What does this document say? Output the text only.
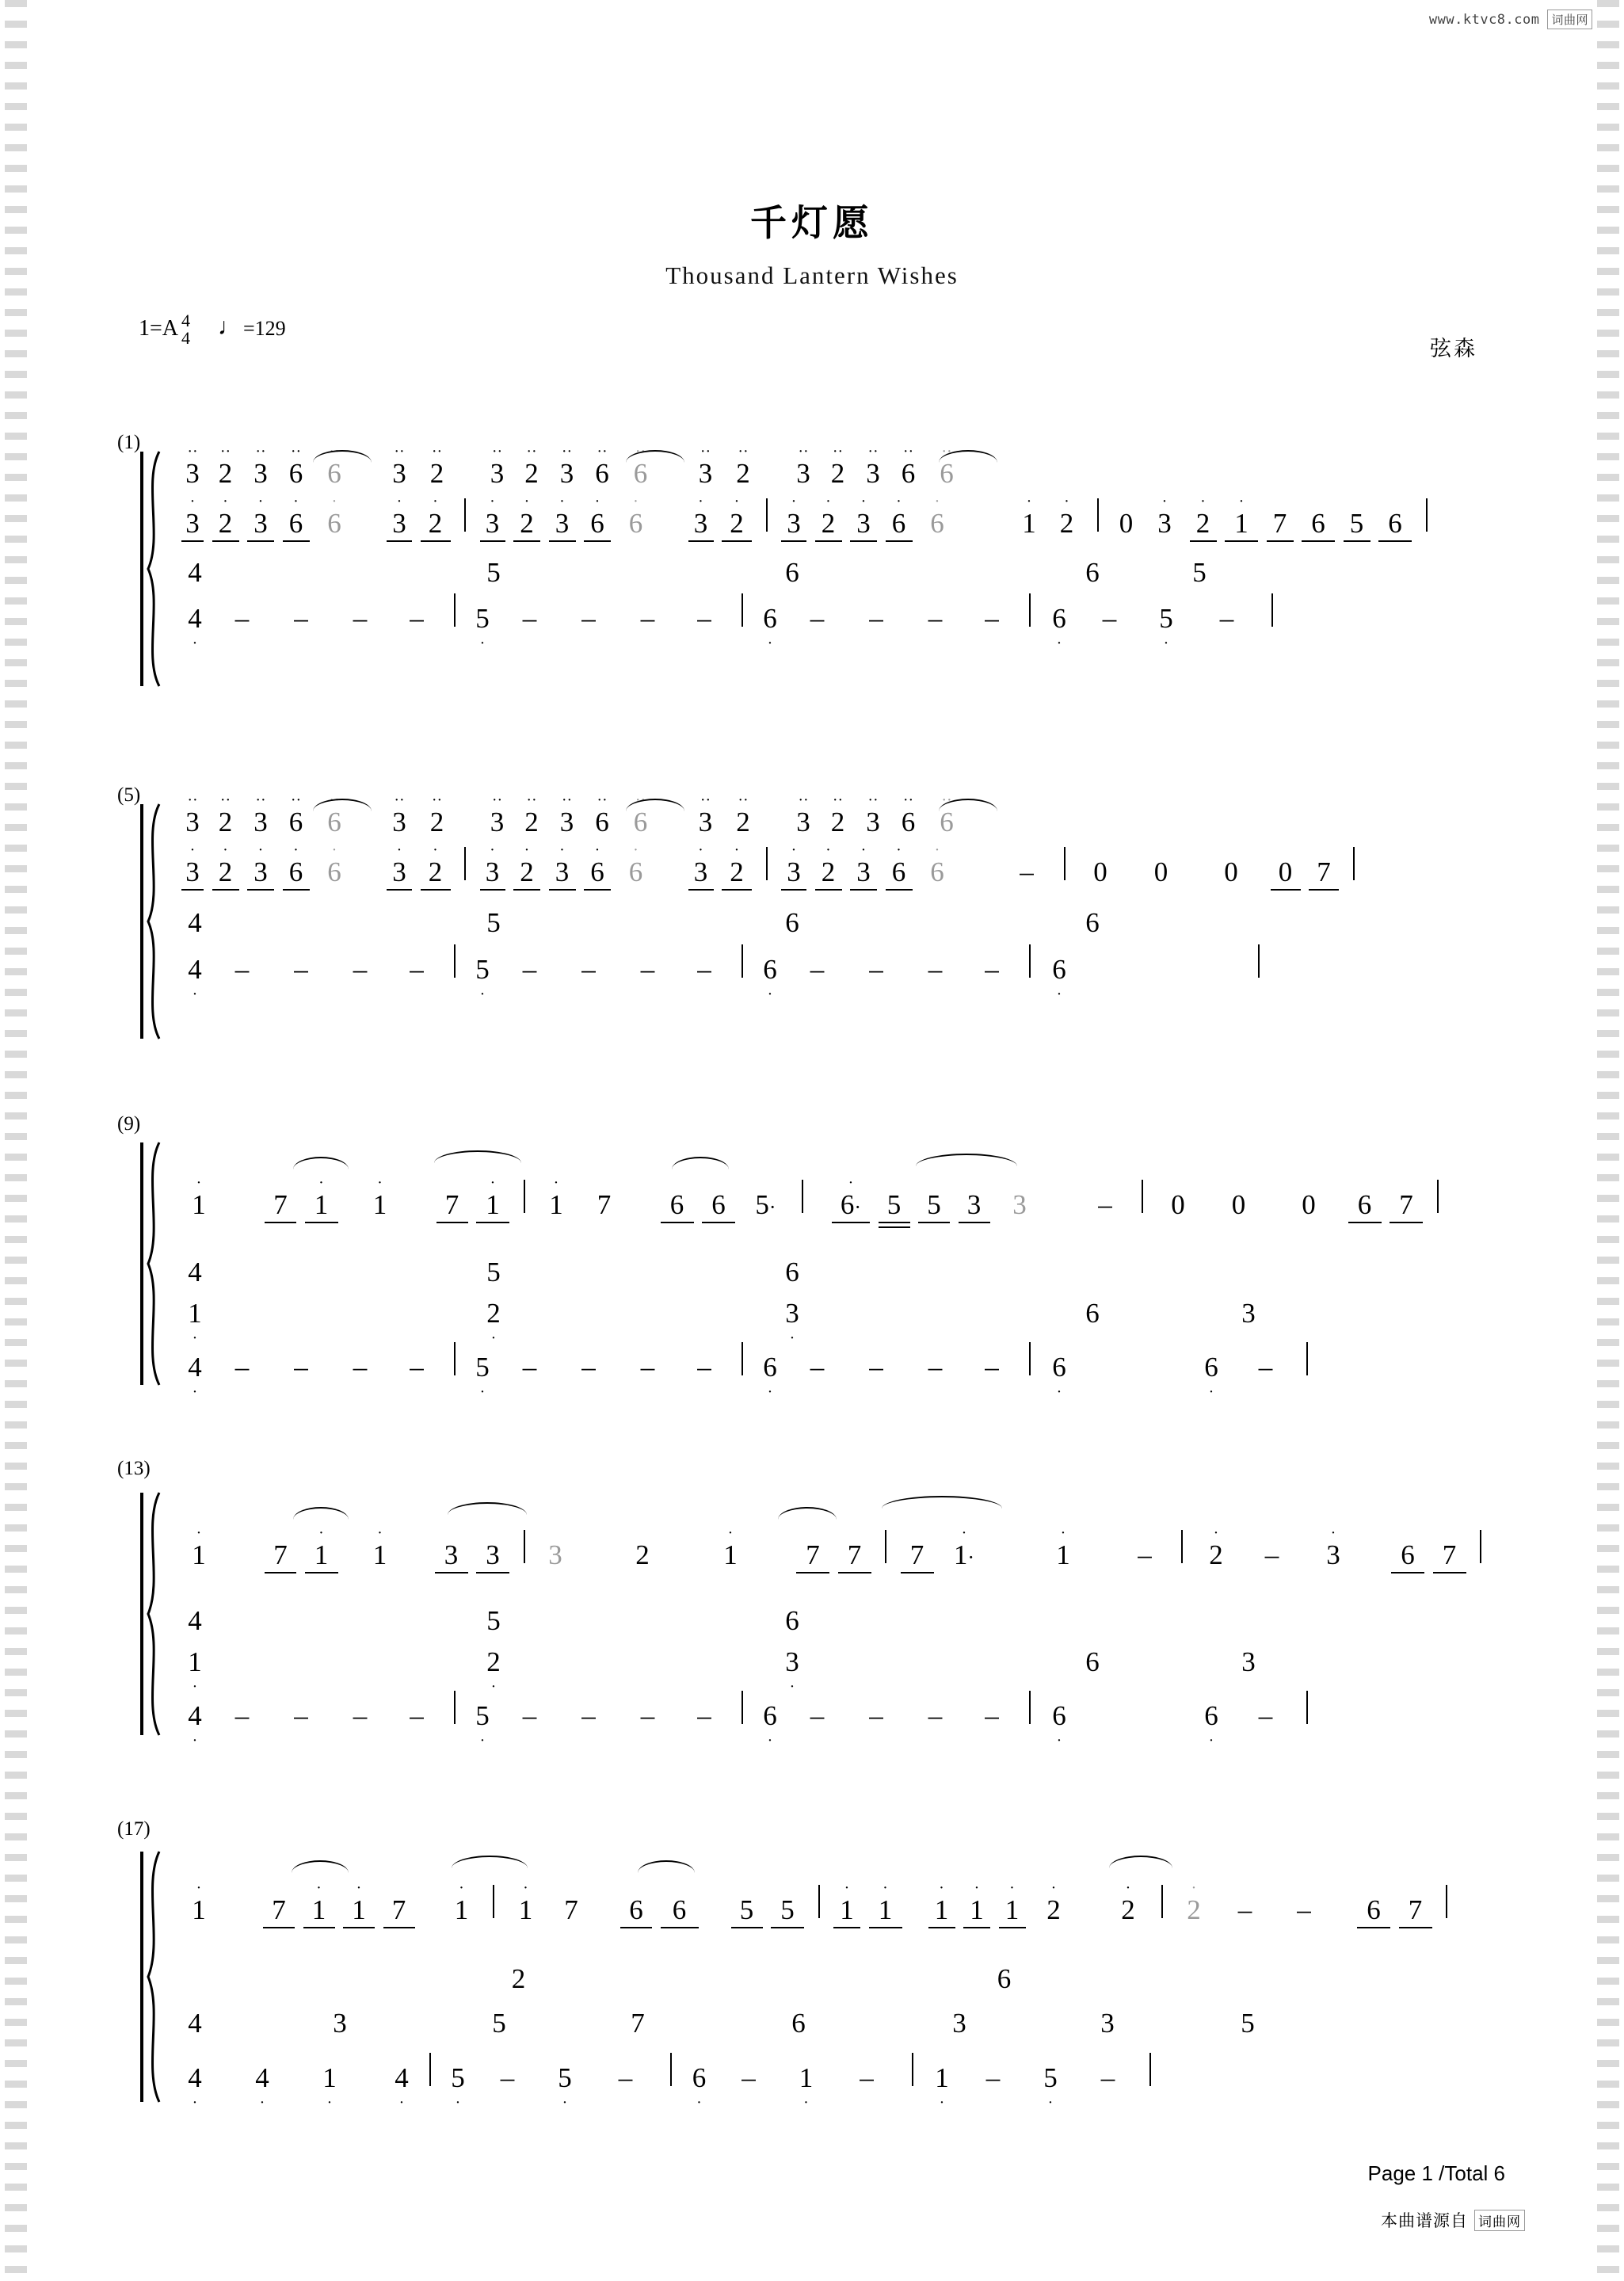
www.ktvc8.com	词曲网
千灯愿
Thousand Lantern Wishes
1=A 4
4 ♩ =129
弦森
(1)
3
··
2
··
3
··
6
··
6
··
3
··
2
··
3
··
2
··
3
··
6
··
6
··
3
··
2
··
3
··
2
··
3
··
6
··
6
··
3
·
2
·
3
·
6
·
6
·
3
·
2
·
3
·
2
·
3
·
6
·
6
·
3
·
2
·
3
·
2
·
3
·
6
·
6
·
1
·
2
·
0 3
·
2
·
1
·
7 6 5 6

4
·
– – – – 5
·
– – – – 6
·
– – – – 6
·
– 5
·
–
4	5	6	6	5
(5)
3
··
2
··
3
··
6
··
6
··
3
··
2
··
3
··
2
··
3
··
6
··
6
··
3
··
2
··
3
··
2
··
3
··
6
··
6
··
3
·
2
·
3
·
6
·
6
·
3
·
2
·
3
·
2
·
3
·
6
·
6
·
3
·
2
·
3
·
2
·
3
·
6
·
6
·
– 0 0 0 0 7

4	5	6	6
4
·
– – – – 5
·
– – – – 6
·
– – – – 6
·

(9)
1
·
7 1
·
1
·
7 1
·
1
·
7 6 6 5· 6
·
· 5 5 3 3	– 0 0 0 6 7

4	5	6
1
·
2
·
3
·
6	3
4
·
– – – – 5
·
– – – – 6
·
– – – – 6
·
6
·
–
(13)
1
·
7 1
·
1
·
3 3 3	2	1
·
7 7 7 1
·
·	1
·
– 2
·
– 3
·
6 7

4	5	6
1
·
2
·
3
·
6	3
4
·
– – – – 5
·
– – – – 6
·
– – – – 6
·
6
·
–
(17)
1
·
7 1
·
1
·
7 1
·
1
·
7 6 6 5 5 1
·
1
·
1
·
1
·
1
·
2
·
2
·
2
·
– – 6 7

2	6
4	3	5	7	6	3	3	5
4
·
4
·
1
·
4
·
5
·
– 5
·
– 6
·
– 1
·
– 1
·
– 5
·
–
Page 1 /Total 6
本曲谱源自 词曲网
